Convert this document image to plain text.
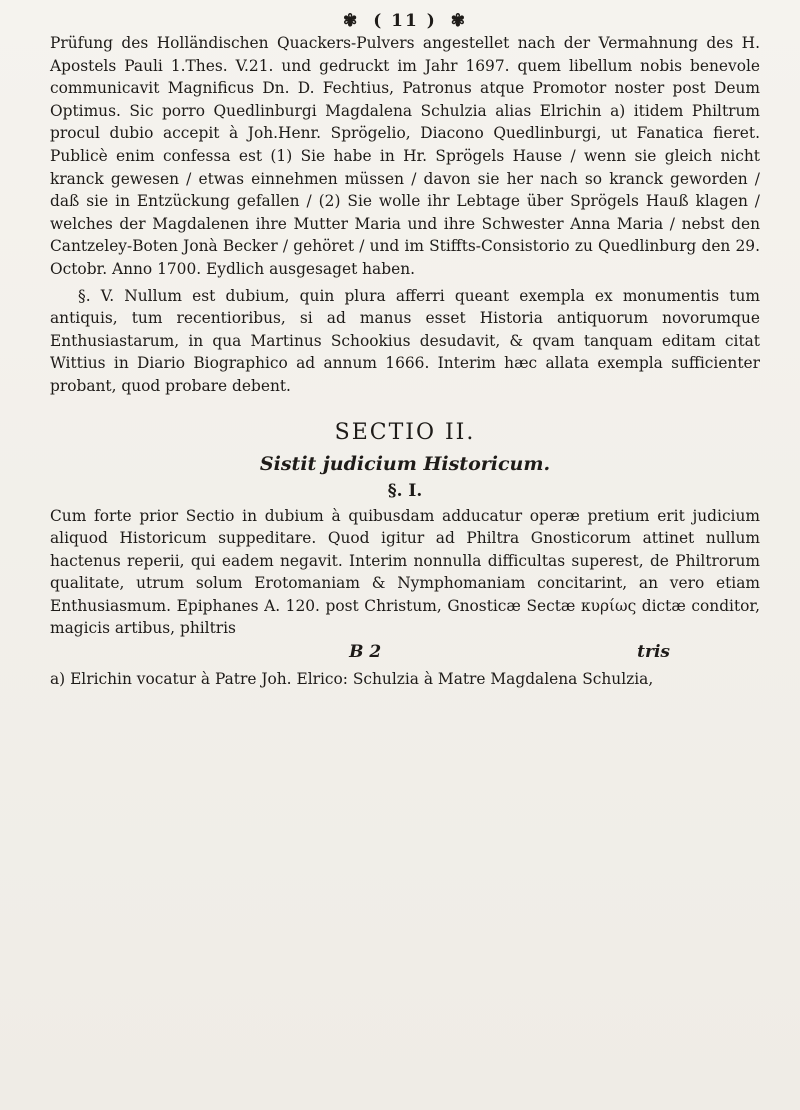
✾ ( 11 ) ✾

Prüfung des Holländischen Quackers-Pulvers angestellet nach der Vermahnung des H. Apostels Pauli 1.Thes. V.21. und gedruckt im Jahr 1697. quem libellum nobis benevole communicavit Magnificus Dn. D. Fechtius, Patronus atque Promotor noster post Deum Optimus. Sic porro Quedlinburgi Magdalena Schulzia alias Elrichin a) itidem Philtrum procul dubio accepit à Joh.Henr. Sprögelio, Diacono Quedlinburgi, ut Fanatica fieret. Publicè enim confessa est (1) Sie habe in Hr. Sprögels Hause / wenn sie gleich nicht kranck gewesen / etwas einnehmen müssen / davon sie her nach so kranck geworden / daß sie in Entzückung gefallen / (2) Sie wolle ihr Lebtage über Sprögels Hauß klagen / welches der Magdalenen ihre Mutter Maria und ihre Schwester Anna Maria / nebst den Cantzeley-Boten Jonà Becker / gehöret / und im Stiffts-Consistorio zu Quedlinburg den 29. Octobr. Anno 1700. Eydlich ausgesaget haben.

§. V. Nullum est dubium, quin plura afferri queant exempla ex monumentis tum antiquis, tum recentioribus, si ad manus esset Historia antiquorum novorumque Enthusiastarum, in qua Martinus Schookius desudavit, & qvam tanquam editam citat Wittius in Diario Biographico ad annum 1666. Interim hæc allata exempla sufficienter probant, quod probare debent.

SECTIO II.
Sistit judicium Historicum.
§. I.

Cum forte prior Sectio in dubium à quibusdam adducatur operæ pretium erit judicium aliquod Historicum suppeditare. Quod igitur ad Philtra Gnosticorum attinet nullum hactenus reperii, qui eadem negavit. Interim nonnulla difficultas superest, de Philtrorum qualitate, utrum solum Erotomaniam & Nymphomaniam concitarint, an vero etiam Enthusiasmum. Epiphanes A. 120. post Christum, Gnosticæ Sectæ κυρίως dictæ conditor, magicis artibus, philtris

B 2	tris

a) Elrichin vocatur à Patre Joh. Elrico: Schulzia à Matre Magdalena Schulzia,
